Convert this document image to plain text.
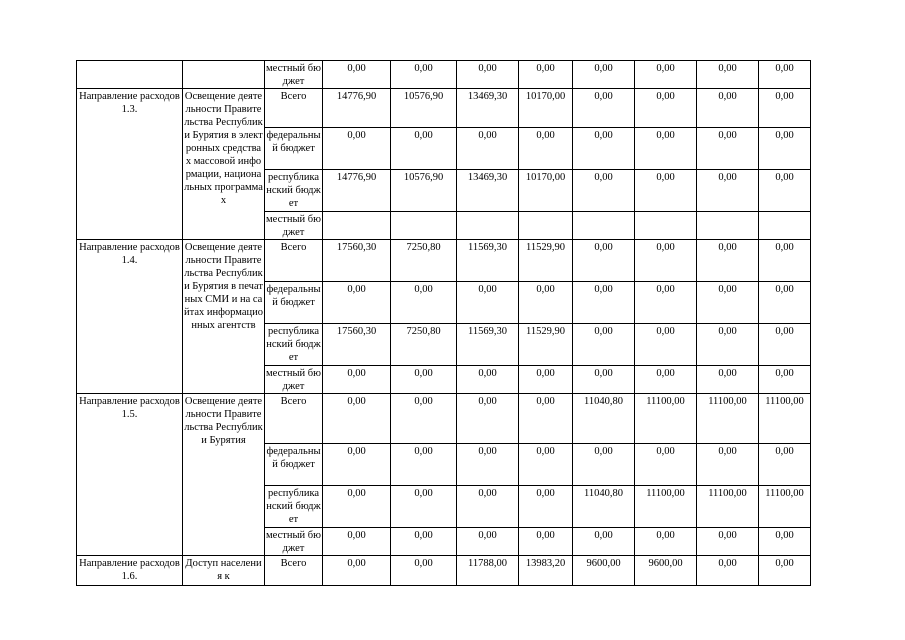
		местный бюджет	0,00	0,00	0,00	0,00	0,00	0,00	0,00	0,00
Направление расходов 1.3.	Освещение деятельности Правительства Республики Бурятия в электронных средствах массовой информации, национальных программах	Всего	14776,90	10576,90	13469,30	10170,00	0,00	0,00	0,00	0,00
		федеральный бюджет	0,00	0,00	0,00	0,00	0,00	0,00	0,00	0,00
		республиканский бюджет	14776,90	10576,90	13469,30	10170,00	0,00	0,00	0,00	0,00
		местный бюджет								
Направление расходов 1.4.	Освещение деятельности Правительства Республики Бурятия в печатных СМИ и на сайтах информационных агентств	Всего	17560,30	7250,80	11569,30	11529,90	0,00	0,00	0,00	0,00
		федеральный бюджет	0,00	0,00	0,00	0,00	0,00	0,00	0,00	0,00
		республиканский бюджет	17560,30	7250,80	11569,30	11529,90	0,00	0,00	0,00	0,00
		местный бюджет	0,00	0,00	0,00	0,00	0,00	0,00	0,00	0,00
Направление расходов 1.5.	Освещение деятельности Правительства Республики Бурятия	Всего	0,00	0,00	0,00	0,00	11040,80	11100,00	11100,00	11100,00
		федеральный бюджет	0,00	0,00	0,00	0,00	0,00	0,00	0,00	0,00
		республиканский бюджет	0,00	0,00	0,00	0,00	11040,80	11100,00	11100,00	11100,00
		местный бюджет	0,00	0,00	0,00	0,00	0,00	0,00	0,00	0,00
Направление расходов 1.6.	Доступ населения к	Всего	0,00	0,00	11788,00	13983,20	9600,00	9600,00	0,00	0,00
